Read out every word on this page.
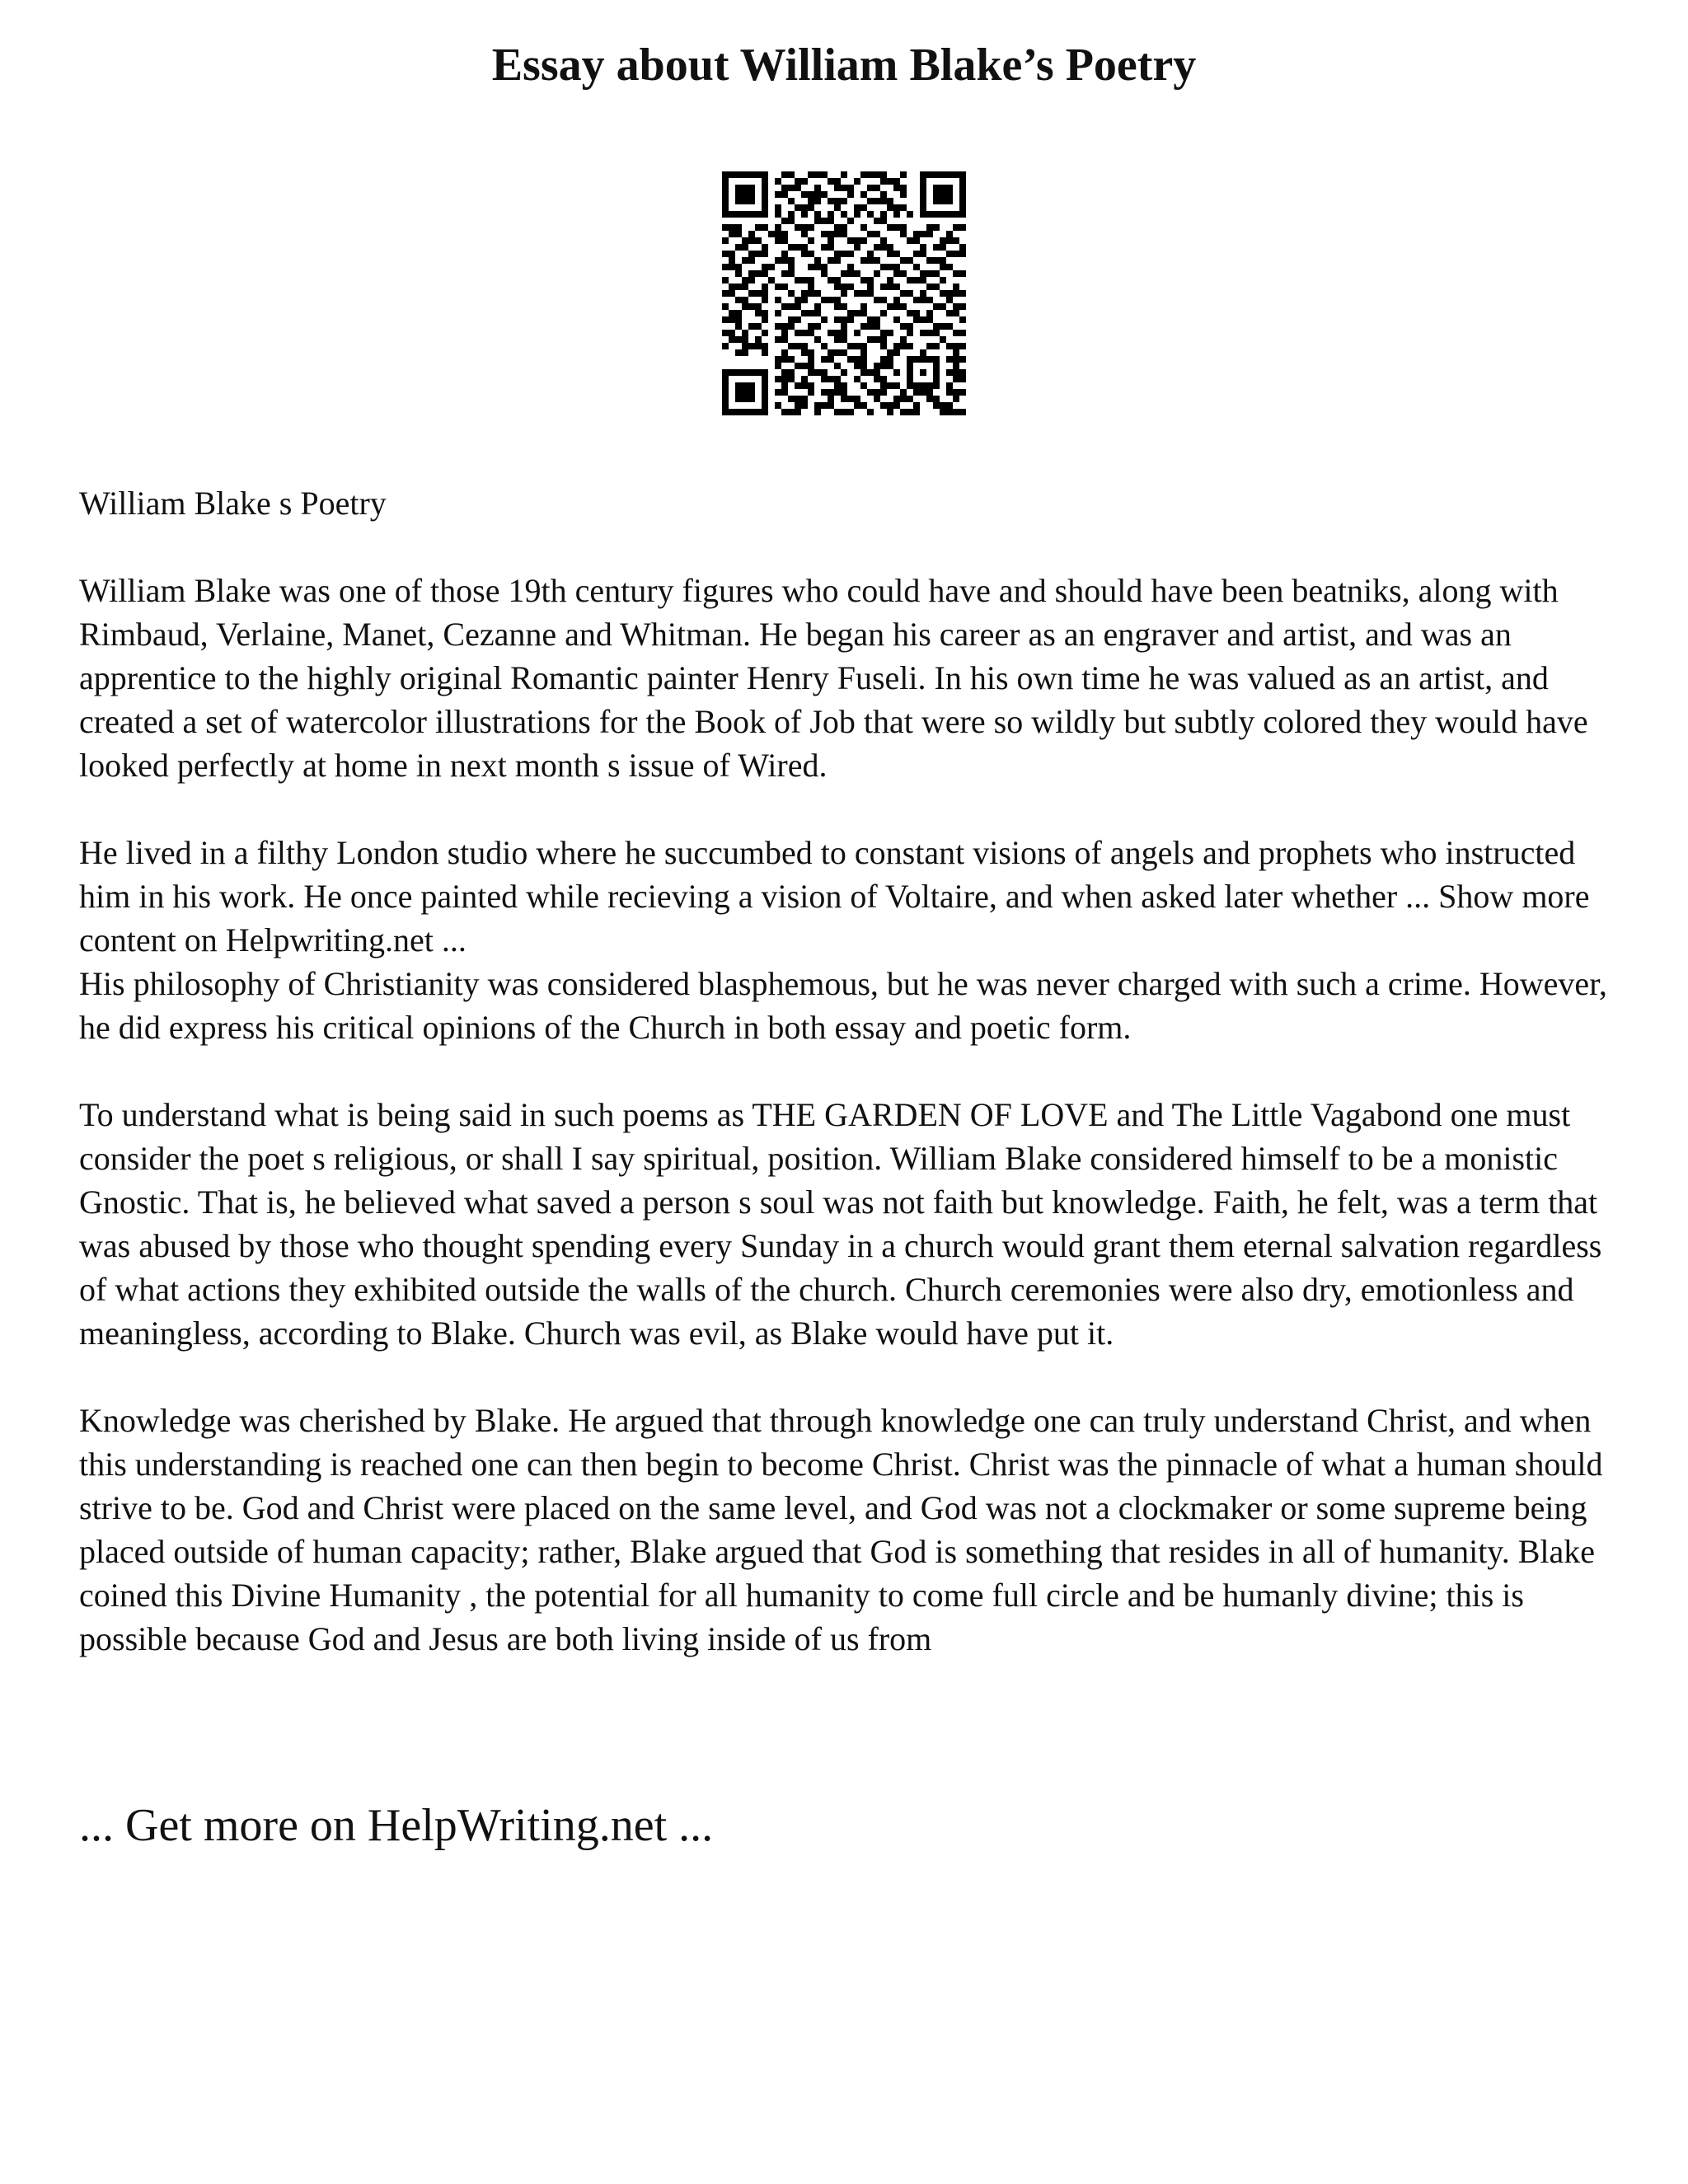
Essay about William Blake’s Poetry

William Blake s Poetry

William Blake was one of those 19th century figures who could have and should have been beatniks, along with Rimbaud, Verlaine, Manet, Cezanne and Whitman. He began his career as an engraver and artist, and was an apprentice to the highly original Romantic painter Henry Fuseli. In his own time he was valued as an artist, and created a set of watercolor illustrations for the Book of Job that were so wildly but subtly colored they would have looked perfectly at home in next month s issue of Wired.

He lived in a filthy London studio where he succumbed to constant visions of angels and prophets who instructed him in his work. He once painted while recieving a vision of Voltaire, and when asked later whether ... Show more content on Helpwriting.net ...

His philosophy of Christianity was considered blasphemous, but he was never charged with such a crime. However, he did express his critical opinions of the Church in both essay and poetic form.

To understand what is being said in such poems as THE GARDEN OF LOVE and The Little Vagabond one must consider the poet s religious, or shall I say spiritual, position. William Blake considered himself to be a monistic Gnostic. That is, he believed what saved a person s soul was not faith but knowledge. Faith, he felt, was a term that was abused by those who thought spending every Sunday in a church would grant them eternal salvation regardless of what actions they exhibited outside the walls of the church. Church ceremonies were also dry, emotionless and meaningless, according to Blake. Church was evil, as Blake would have put it.

Knowledge was cherished by Blake. He argued that through knowledge one can truly understand Christ, and when this understanding is reached one can then begin to become Christ. Christ was the pinnacle of what a human should strive to be. God and Christ were placed on the same level, and God was not a clockmaker or some supreme being placed outside of human capacity; rather, Blake argued that God is something that resides in all of humanity. Blake coined this Divine Humanity , the potential for all humanity to come full circle and be humanly divine; this is possible because God and Jesus are both living inside of us from

... Get more on HelpWriting.net ...
